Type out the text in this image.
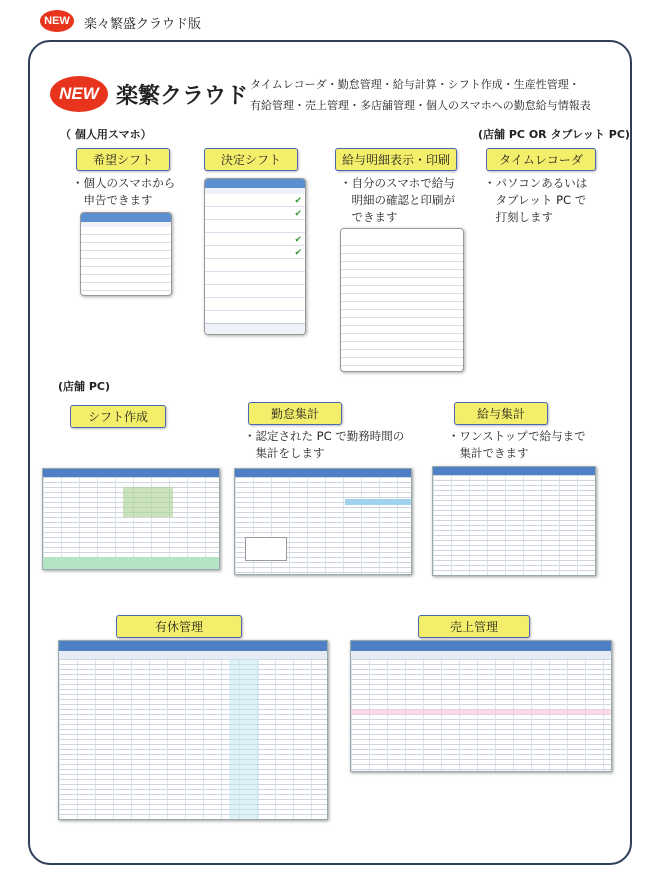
NEW	楽々繁盛クラウド版
NEW 楽繁クラウド タイムレコーダ・勤怠管理・給与計算・シフト作成・生産性管理・
有給管理・売上管理・多店舗管理・個人のスマホへの勤怠給与情報表
（ 個人用スマホ）	(店舗 PC OR タブレット PC)
希望シフト	決定シフト	給与明細表示・印刷	タイムレコーダ
・個人のスマホから
　申告できます
・自分のスマホで給与
　明細の確認と印刷が
　できます
・パソコンあるいは
　タブレット PC で
　打刻します
✔
✔
✔
✔
(店舗 PC)
シフト作成	勤怠集計	給与集計
・認定された PC で勤務時間の
　集計をします
・ワンストップで給与まで
　集計できます
有休管理	売上管理
